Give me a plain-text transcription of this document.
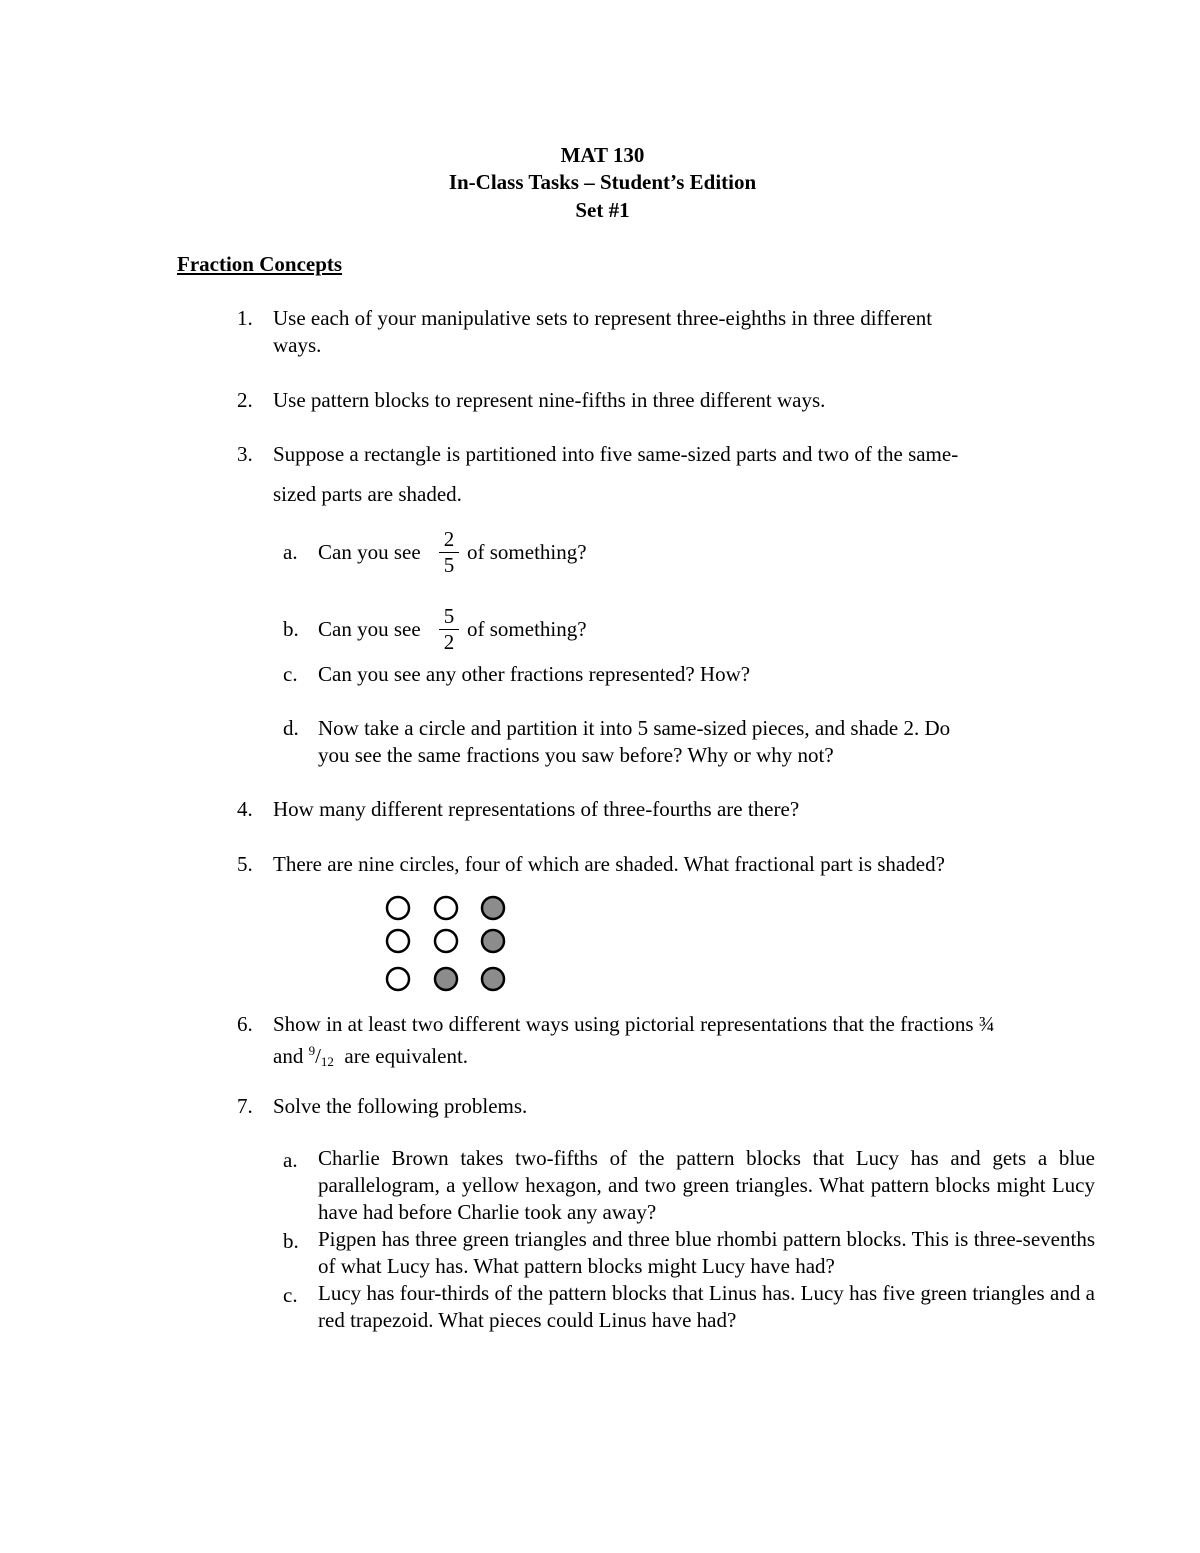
MAT 130
In-Class Tasks – Student’s Edition
Set #1
Fraction Concepts
1. Use each of your manipulative sets to represent three-eighths in three different
ways.
2. Use pattern blocks to represent nine-fifths in three different ways.
3. Suppose a rectangle is partitioned into five same-sized parts and two of the same-
sized parts are shaded.
a. Can you see $\frac{2}{5}$ of something?
b. Can you see $\frac{5}{2}$ of something?
c. Can you see any other fractions represented? How?
d. Now take a circle and partition it into 5 same-sized pieces, and shade 2. Do
you see the same fractions you saw before? Why or why not?
4. How many different representations of three-fourths are there?
5. There are nine circles, four of which are shaded. What fractional part is shaded?
6. Show in at least two different ways using pictorial representations that the fractions ¾
and $^9/_{12}$ are equivalent.
7. Solve the following problems.
a. Charlie Brown takes two-fifths of the pattern blocks that Lucy has and gets a blue parallelogram, a yellow hexagon, and two green triangles. What pattern blocks might Lucy have had before Charlie took any away?
b. Pigpen has three green triangles and three blue rhombi pattern blocks. This is three-sevenths of what Lucy has. What pattern blocks might Lucy have had?
c. Lucy has four-thirds of the pattern blocks that Linus has. Lucy has five green triangles and a red trapezoid. What pieces could Linus have had?
